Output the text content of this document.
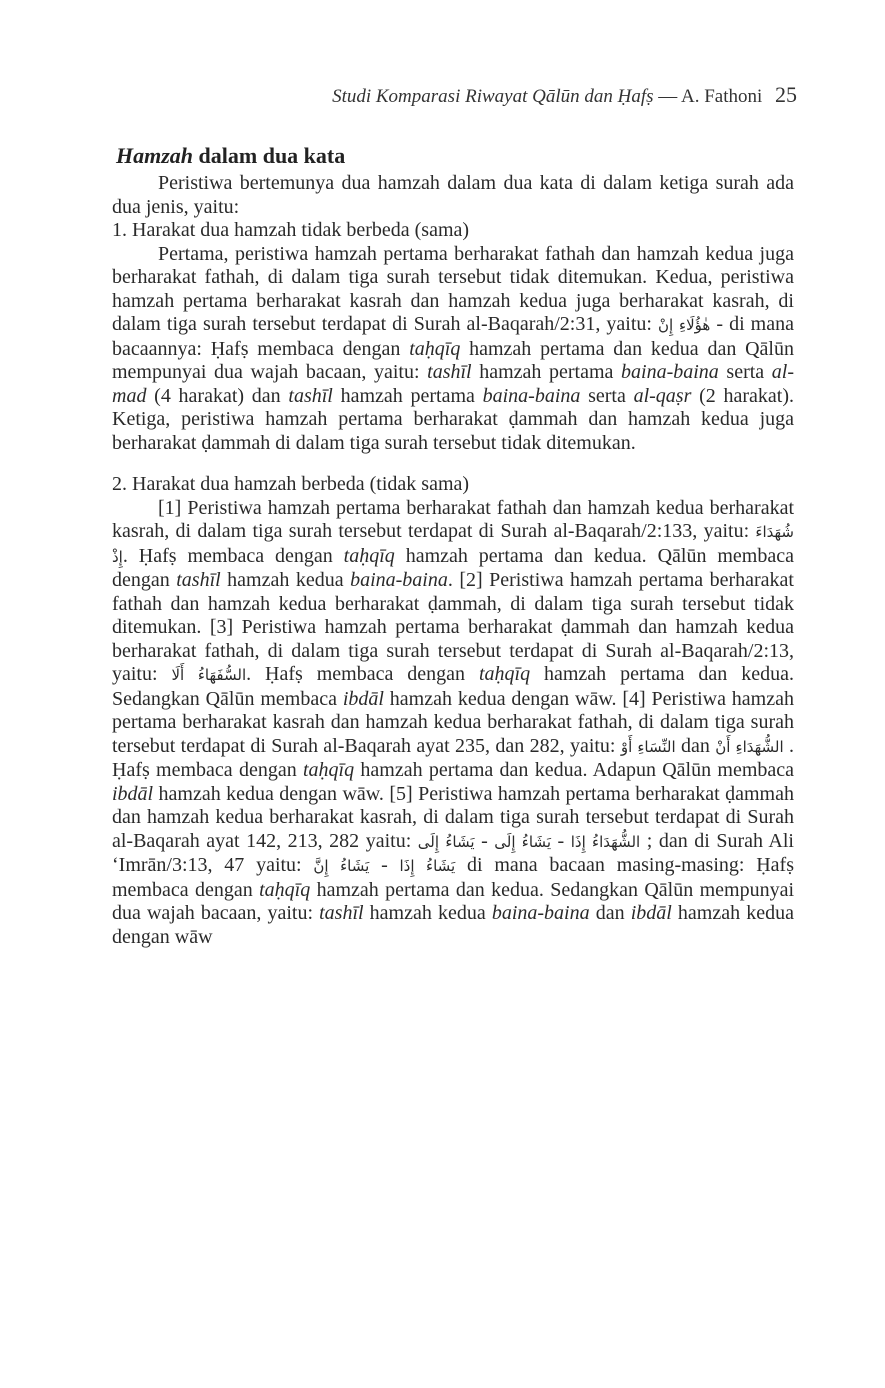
Studi Komparasi Riwayat Qālūn dan Ḥafṣ — A. Fathoni 25
Hamzah dalam dua kata

Peristiwa bertemunya dua hamzah dalam dua kata di dalam ketiga surah ada dua jenis, yaitu:

1. Harakat dua hamzah tidak berbeda (sama)

Pertama, peristiwa hamzah pertama berharakat fathah dan hamzah kedua juga berharakat fathah, di dalam tiga surah tersebut tidak ditemukan. Kedua, peristiwa hamzah pertama berharakat kasrah dan hamzah kedua juga berharakat kasrah, di dalam tiga surah tersebut terdapat di Surah al-Baqarah/2:31, yaitu: هٰؤُلَاءِ إِنْ - di mana bacaannya: Ḥafṣ membaca dengan taḥqīq hamzah pertama dan kedua dan Qālūn mempunyai dua wajah bacaan, yaitu: tashīl hamzah pertama baina-baina serta al-mad (4 harakat) dan tashīl hamzah pertama baina-baina serta al-qaṣr (2 harakat). Ketiga, peristiwa hamzah pertama berharakat ḍammah dan hamzah kedua juga berharakat ḍammah di dalam tiga surah tersebut tidak ditemukan.

2. Harakat dua hamzah berbeda (tidak sama)

[1] Peristiwa hamzah pertama berharakat fathah dan hamzah kedua berharakat kasrah, di dalam tiga surah tersebut terdapat di Surah al-Baqarah/2:133, yaitu: شُهَدَاءَ إِذْ. Ḥafṣ membaca dengan taḥqīq hamzah pertama dan kedua. Qālūn membaca dengan tashīl hamzah kedua baina-baina. [2] Peristiwa hamzah pertama berharakat fathah dan hamzah kedua berharakat ḍammah, di dalam tiga surah tersebut tidak ditemukan. [3] Peristiwa hamzah pertama berharakat ḍammah dan hamzah kedua berharakat fathah, di dalam tiga surah tersebut terdapat di Surah al-Baqarah/2:13, yaitu: السُّفَهَاءُ أَلَا. Ḥafṣ membaca dengan taḥqīq hamzah pertama dan kedua. Sedangkan Qālūn membaca ibdāl hamzah kedua dengan wāw. [4] Peristiwa hamzah pertama berharakat kasrah dan hamzah kedua berharakat fathah, di dalam tiga surah tersebut terdapat di Surah al-Baqarah ayat 235, dan 282, yaitu: النِّسَاءِ أَوْ dan الشُّهَدَاءِ أَنْ . Ḥafṣ membaca dengan taḥqīq hamzah pertama dan kedua. Adapun Qālūn membaca ibdāl hamzah kedua dengan wāw. [5] Peristiwa hamzah pertama berharakat ḍammah dan hamzah kedua berharakat kasrah, di dalam tiga surah tersebut terdapat di Surah al-Baqarah ayat 142, 213, 282 yaitu: يَشَاءُ إِلَى - يَشَاءُ إِلَى - الشُّهَدَاءُ إِذَا ; dan di Surah Ali ‘Imrān/3:13, 47 yaitu: يَشَاءُ إِنَّ - يَشَاءُ إِذَا di mana bacaan masing-masing: Ḥafṣ membaca dengan taḥqīq hamzah pertama dan kedua. Sedangkan Qālūn mempunyai dua wajah bacaan, yaitu: tashīl hamzah kedua baina-baina dan ibdāl hamzah kedua dengan wāw
